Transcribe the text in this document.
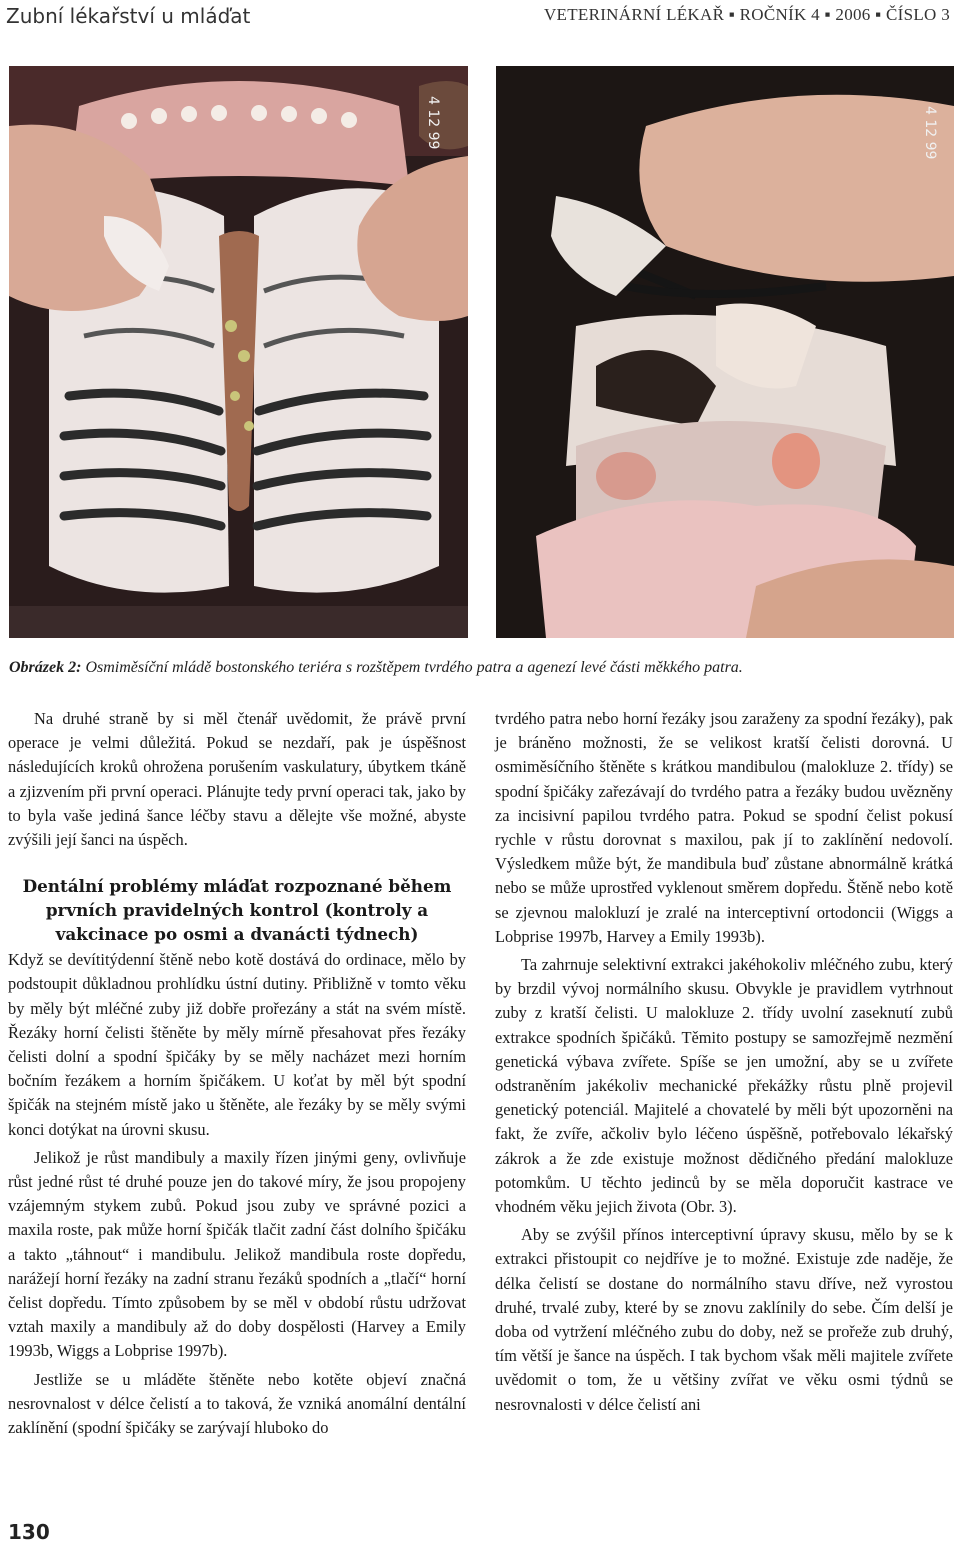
Zubní lékařství u mláďat	VETERINÁRNÍ LÉKAŘ ▪ ROČNÍK 4 ▪ 2006 ▪ ČÍSLO 3
4 12 99	4 12 99
Obrázek 2: Osmiměsíční mládě bostonského teriéra s rozštěpem tvrdého patra a agenezí levé části měkkého patra.

Na druhé straně by si měl čtenář uvědomit, že právě první operace je velmi důležitá. Pokud se nezdaří, pak je úspěšnost následujících kroků ohrožena porušením vaskulatury, úbytkem tkáně a zjizvením při první operaci. Plánujte tedy první operaci tak, jako by to byla vaše jediná šance léčby stavu a dělejte vše možné, abyste zvýšili její šanci na úspěch.

Dentální problémy mláďat rozpoznané během prvních pravidelných kontrol (kontroly a vakcinace po osmi a dvanácti týdnech)

Když se devítitýdenní štěně nebo kotě dostává do ordinace, mělo by podstoupit důkladnou prohlídku ústní dutiny. Přibližně v tomto věku by měly být mléčné zuby již dobře prořezány a stát na svém místě. Řezáky horní čelisti štěněte by měly mírně přesahovat přes řezáky čelisti dolní a spodní špičáky by se měly nacházet mezi horním bočním řezákem a horním špičákem. U koťat by měl být spodní špičák na stejném místě jako u štěněte, ale řezáky by se měly svými konci dotýkat na úrovni skusu.

Jelikož je růst mandibuly a maxily řízen jinými geny, ovlivňuje růst jedné růst té druhé pouze jen do takové míry, že jsou propojeny vzájemným stykem zubů. Pokud jsou zuby ve správné pozici a maxila roste, pak může horní špičák tlačit zadní část dolního špičáku a takto „táhnout“ i mandibulu. Jelikož mandibula roste dopředu, narážejí horní řezáky na zadní stranu řezáků spodních a „tlačí“ horní čelist dopředu. Tímto způsobem by se měl v období růstu udržovat vztah maxily a mandibuly až do doby dospělosti (Harvey a Emily 1993b, Wiggs a Lobprise 1997b).

Jestliže se u mláděte štěněte nebo kotěte objeví značná nesrovnalost v délce čelistí a to taková, že vzniká anomální dentální zaklínění (spodní špičáky se zarývají hluboko do

tvrdého patra nebo horní řezáky jsou zaraženy za spodní řezáky), pak je bráněno možnosti, že se velikost kratší čelisti dorovná. U osmiměsíčního štěněte s krátkou mandibulou (malokluze 2. třídy) se spodní špičáky zařezávají do tvrdého patra a řezáky budou uvězněny za incisivní papilou tvrdého patra. Pokud se spodní čelist pokusí rychle v růstu dorovnat s maxilou, pak jí to zaklínění nedovolí. Výsledkem může být, že mandibula buď zůstane abnormálně krátká nebo se může uprostřed vyklenout směrem dopředu. Štěně nebo kotě se zjevnou malokluzí je zralé na interceptivní ortodoncii (Wiggs a Lobprise 1997b, Harvey a Emily 1993b).

Ta zahrnuje selektivní extrakci jakéhokoliv mléčného zubu, který by brzdil vývoj normálního skusu. Obvykle je pravidlem vytrhnout zuby z kratší čelisti. U malokluze 2. třídy uvolní zaseknutí zubů extrakce spodních špičáků. Těmito postupy se samozřejmě nezmění genetická výbava zvířete. Spíše se jen umožní, aby se u zvířete odstraněním jakékoliv mechanické překážky růstu plně projevil genetický potenciál. Majitelé a chovatelé by měli být upozorněni na fakt, že zvíře, ačkoliv bylo léčeno úspěšně, potřebovalo lékařský zákrok a že zde existuje možnost dědičného předání malokluze potomkům. U těchto jedinců by se měla doporučit kastrace ve vhodném věku jejich života (Obr. 3).

Aby se zvýšil přínos interceptivní úpravy skusu, mělo by se k extrakci přistoupit co nejdříve je to možné. Existuje zde naděje, že délka čelistí se dostane do normálního stavu dříve, než vyrostou druhé, trvalé zuby, které by se znovu zaklínily do sebe. Čím delší je doba od vytržení mléčného zubu do doby, než se prořeže zub druhý, tím větší je šance na úspěch. I tak bychom však měli majitele zvířete uvědomit o tom, že u většiny zvířat ve věku osmi týdnů se nesrovnalosti v délce čelistí ani

130
